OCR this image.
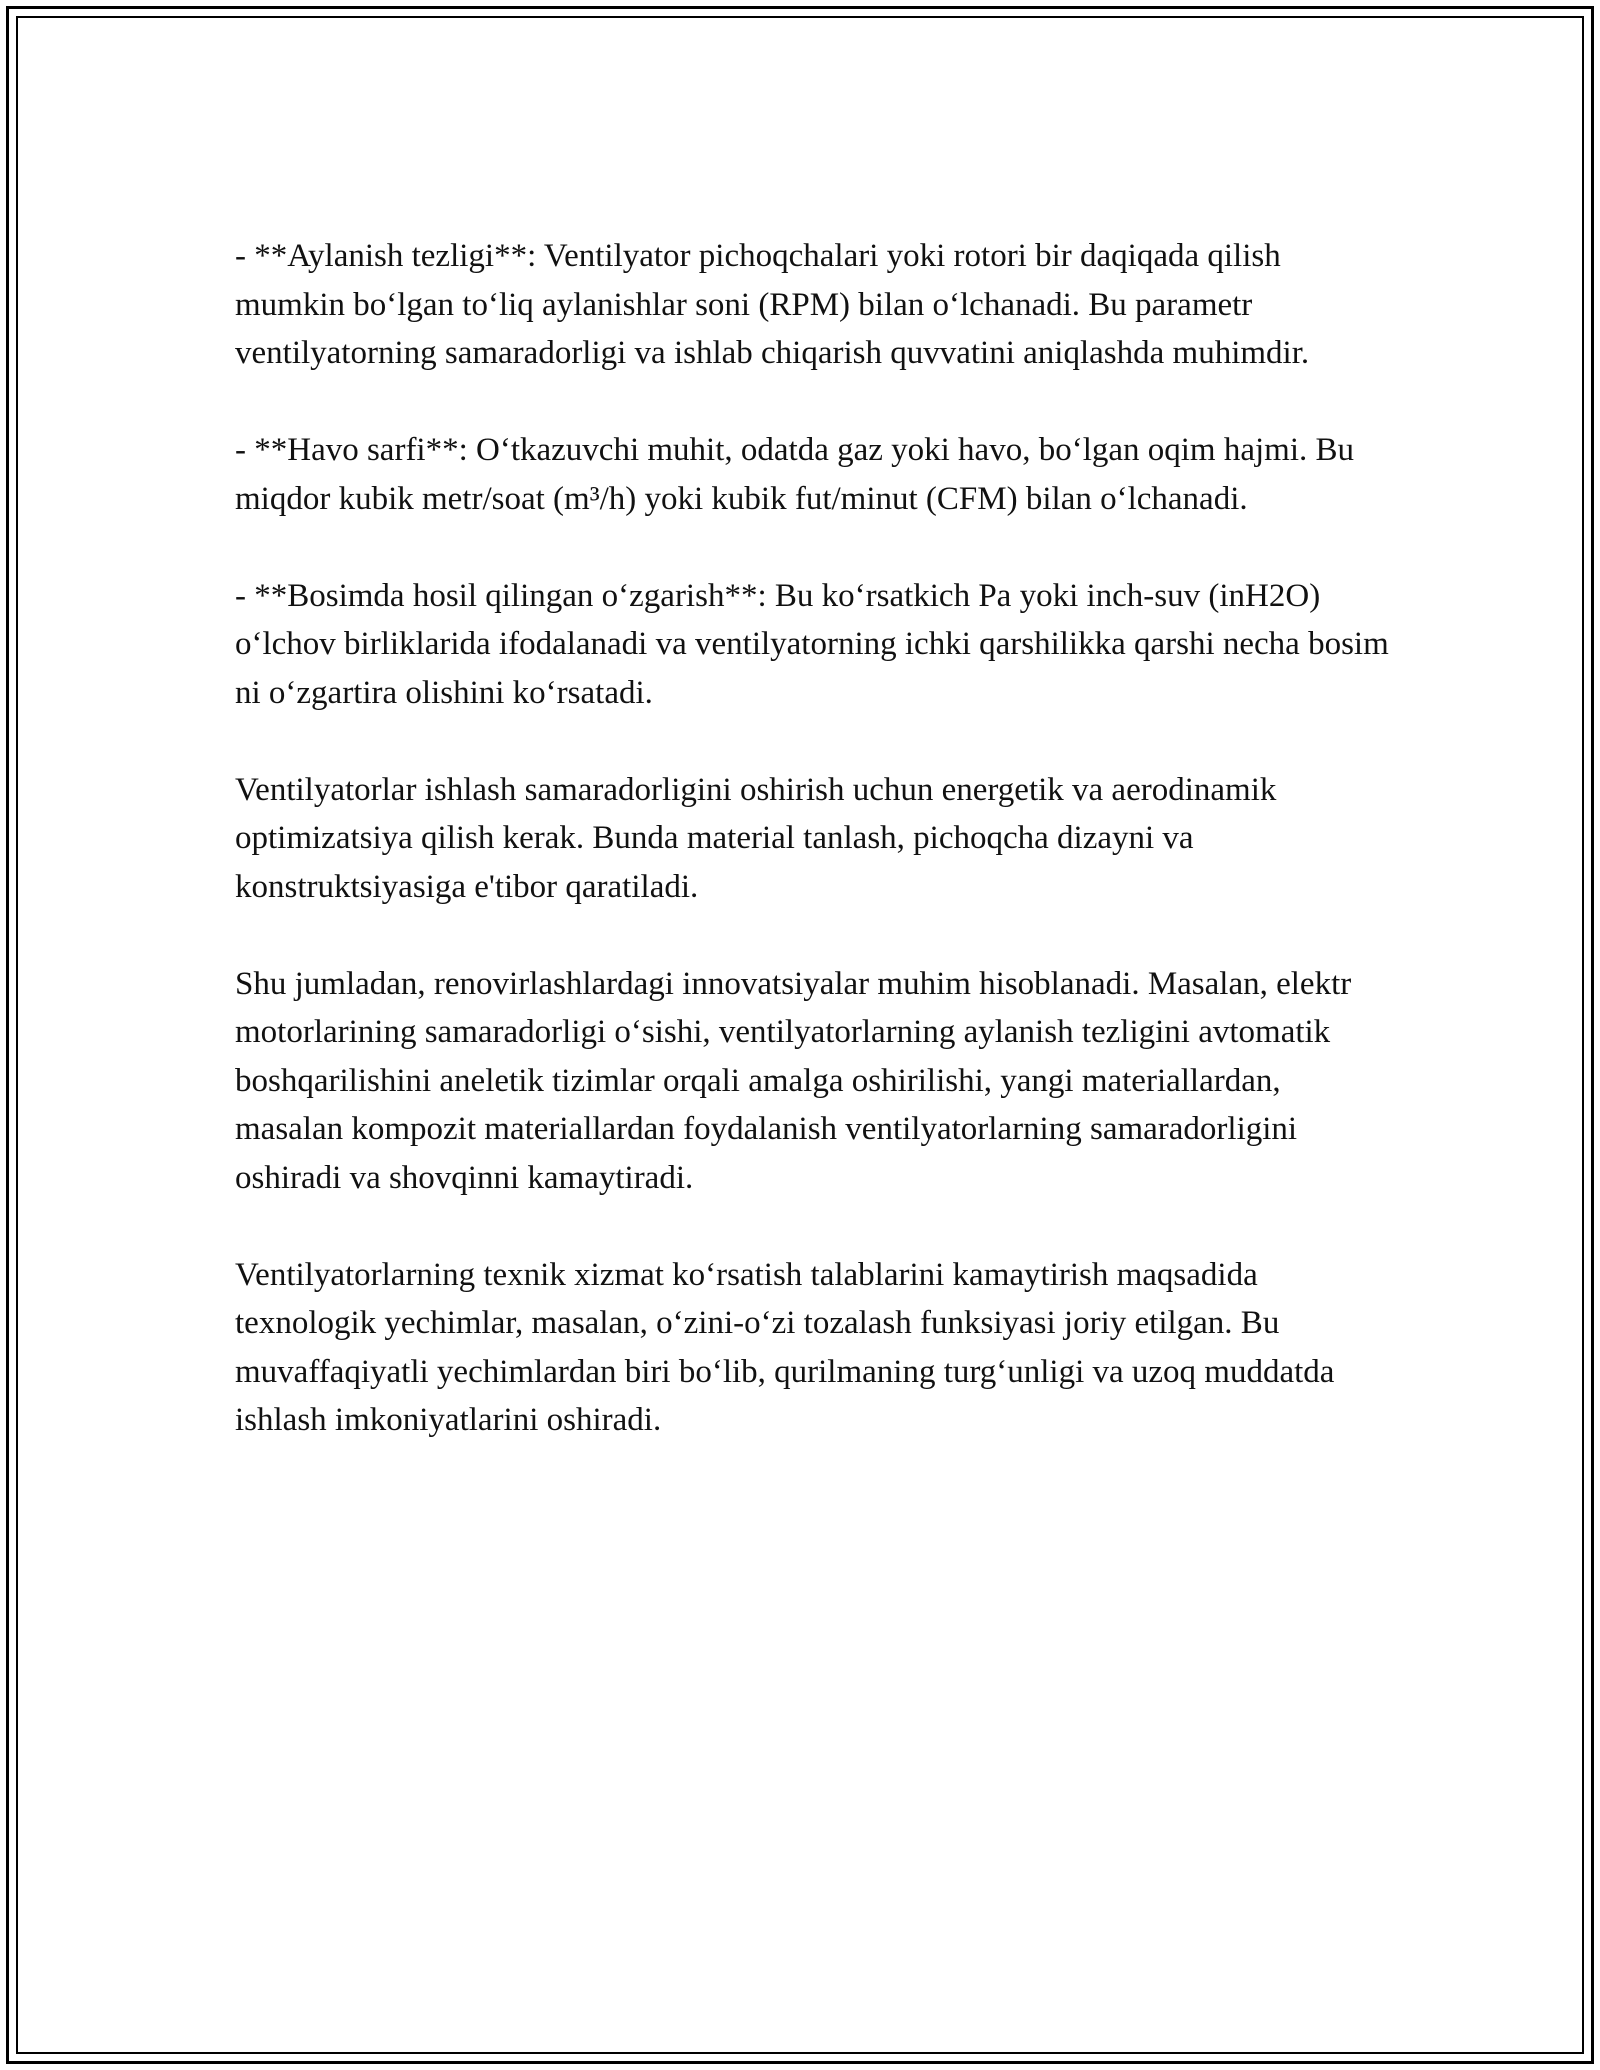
- **Aylanish tezligi**: Ventilyator pichoqchalari yoki rotori bir daqiqada qilish mumkin bo‘lgan to‘liq aylanishlar soni (RPM) bilan o‘lchanadi. Bu parametr ventilyatorning samaradorligi va ishlab chiqarish quvvatini aniqlashda muhimdir.

- **Havo sarfi**: O‘tkazuvchi muhit, odatda gaz yoki havo, bo‘lgan oqim hajmi. Bu miqdor kubik metr/soat (m³/h) yoki kubik fut/minut (CFM) bilan o‘lchanadi.

- **Bosimda hosil qilingan o‘zgarish**: Bu ko‘rsatkich Pa yoki inch-suv (inH2O) o‘lchov birliklarida ifodalanadi va ventilyatorning ichki qarshilikka qarshi necha bosim ni o‘zgartira olishini ko‘rsatadi.

Ventilyatorlar ishlash samaradorligini oshirish uchun energetik va aerodinamik optimizatsiya qilish kerak. Bunda material tanlash, pichoqcha dizayni va konstruktsiyasiga e'tibor qaratiladi.

Shu jumladan, renovirlashlardagi innovatsiyalar muhim hisoblanadi. Masalan, elektr motorlarining samaradorligi o‘sishi, ventilyatorlarning aylanish tezligini avtomatik boshqarilishini aneletik tizimlar orqali amalga oshirilishi, yangi materiallardan, masalan kompozit materiallardan foydalanish ventilyatorlarning samaradorligini oshiradi va shovqinni kamaytiradi.

Ventilyatorlarning texnik xizmat ko‘rsatish talablarini kamaytirish maqsadida texnologik yechimlar, masalan, o‘zini-o‘zi tozalash funksiyasi joriy etilgan. Bu muvaffaqiyatli yechimlardan biri bo‘lib, qurilmaning turg‘unligi va uzoq muddatda ishlash imkoniyatlarini oshiradi.
